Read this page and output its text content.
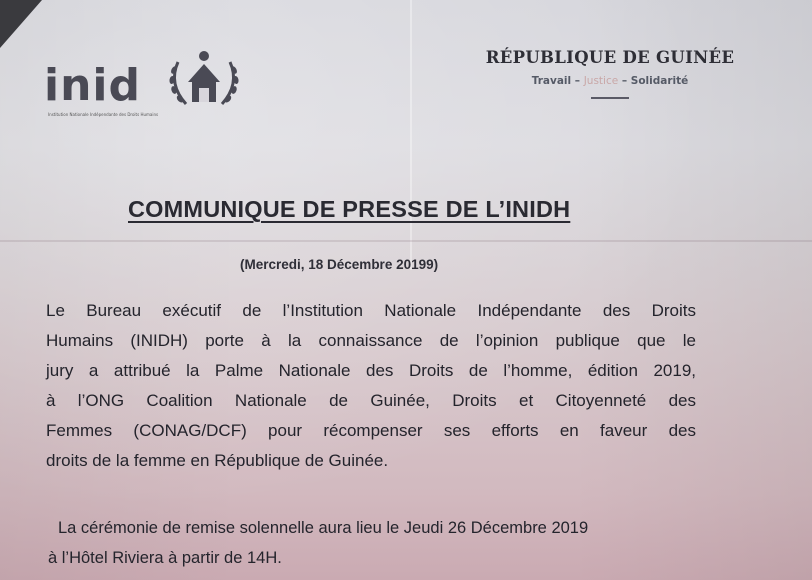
inid
Institution Nationale Indépendante des Droits Humains
RÉPUBLIQUE DE GUINÉE
Travail – Justice – Solidarité
COMMUNIQUE DE PRESSE DE L’INIDH
(Mercredi, 18 Décembre 20199)
Le Bureau exécutif de l’Institution Nationale Indépendante des Droits
Humains (INIDH) porte à la connaissance de l’opinion publique que le
jury a attribué la Palme Nationale des Droits de l’homme, édition 2019,
à l’ONG Coalition Nationale de Guinée, Droits et Citoyenneté des
Femmes (CONAG/DCF) pour récompenser ses efforts en faveur des
droits de la femme en République de Guinée.
La cérémonie de remise solennelle aura lieu le Jeudi 26 Décembre 2019
à l’Hôtel Riviera à partir de 14H.
